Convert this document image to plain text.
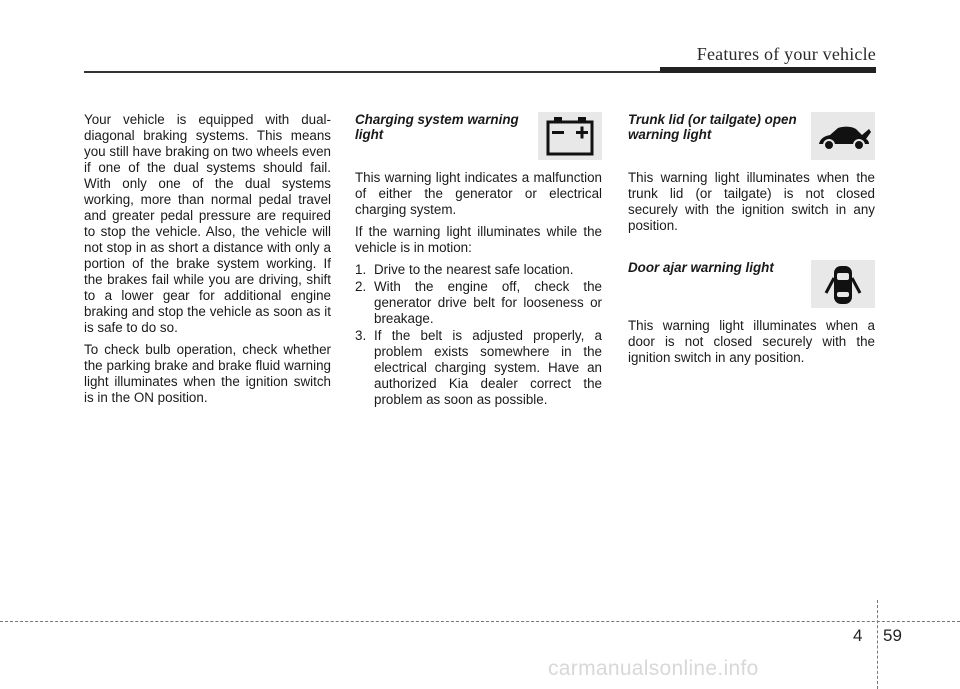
Features of your vehicle

Your vehicle is equipped with dual-diagonal braking systems. This means you still have braking on two wheels even if one of the dual systems should fail. With only one of the dual systems working, more than normal pedal travel and greater pedal pressure are required to stop the vehicle. Also, the vehicle will not stop in as short a distance with only a portion of the brake system working. If the brakes fail while you are driving, shift to a lower gear for additional engine braking and stop the vehicle as soon as it is safe to do so.

To check bulb operation, check whether the parking brake and brake fluid warning light illuminates when the ignition switch is in the ON position.

Charging system warning light

This warning light indicates a malfunction of either the generator or electrical charging system.

If the warning light illuminates while the vehicle is in motion:

1. Drive to the nearest safe location.
2. With the engine off, check the generator drive belt for looseness or breakage.
3. If the belt is adjusted properly, a problem exists somewhere in the electrical charging system. Have an authorized Kia dealer correct the problem as soon as possible.

Trunk lid (or tailgate) open warning light

This warning light illuminates when the trunk lid (or tailgate) is not closed securely with the ignition switch in any position.

Door ajar warning light

This warning light illuminates when a door is not closed securely with the ignition switch in any position.

4 59
carmanualsonline.info
